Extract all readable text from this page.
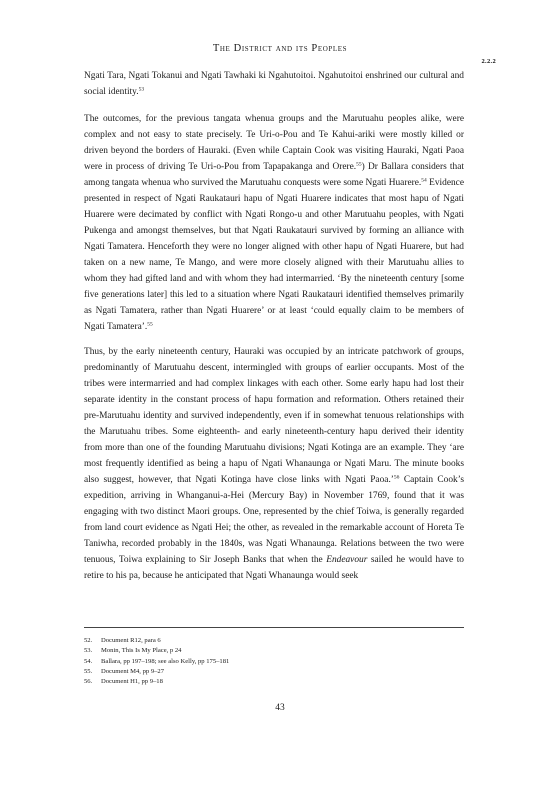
The District and its Peoples
2.2.2

Ngati Tara, Ngati Tokanui and Ngati Tawhaki ki Ngahutoitoi. Ngahutoitoi enshrined our cultural and social identity.$^{53}$

The outcomes, for the previous tangata whenua groups and the Marutuahu peoples alike, were complex and not easy to state precisely. Te Uri-o-Pou and Te Kahui-ariki were mostly killed or driven beyond the borders of Hauraki. (Even while Captain Cook was visiting Hauraki, Ngati Paoa were in process of driving Te Uri-o-Pou from Tapapakanga and Orere.$^{55}$) Dr Ballara considers that among tangata whenua who survived the Marutuahu conquests were some Ngati Huarere.$^{54}$ Evidence presented in respect of Ngati Raukatauri hapu of Ngati Huarere indicates that most hapu of Ngati Huarere were decimated by conflict with Ngati Rongo-u and other Marutuahu peoples, with Ngati Pukenga and amongst themselves, but that Ngati Raukatauri survived by forming an alliance with Ngati Tamatera. Henceforth they were no longer aligned with other hapu of Ngati Huarere, but had taken on a new name, Te Mango, and were more closely aligned with their Marutuahu allies to whom they had gifted land and with whom they had intermarried. ‘By the nineteenth century [some five generations later] this led to a situation where Ngati Raukatauri identified themselves primarily as Ngati Tamatera, rather than Ngati Huarere’ or at least ‘could equally claim to be members of Ngati Tamatera’.$^{55}$

Thus, by the early nineteenth century, Hauraki was occupied by an intricate patchwork of groups, predominantly of Marutuahu descent, intermingled with groups of earlier occupants. Most of the tribes were intermarried and had complex linkages with each other. Some early hapu had lost their separate identity in the constant process of hapu formation and reformation. Others retained their pre-Marutuahu identity and survived independently, even if in somewhat tenuous relationships with the Marutuahu tribes. Some eighteenth- and early nineteenth-century hapu derived their identity from more than one of the founding Marutuahu divisions; Ngati Kotinga are an example. They ‘are most frequently identified as being a hapu of Ngati Whanaunga or Ngati Maru. The minute books also suggest, however, that Ngati Kotinga have close links with Ngati Paoa.’$^{56}$ Captain Cook’s expedition, arriving in Whanganui-a-Hei (Mercury Bay) in November 1769, found that it was engaging with two distinct Maori groups. One, represented by the chief Toiwa, is generally regarded from land court evidence as Ngati Hei; the other, as revealed in the remarkable account of Horeta Te Taniwha, recorded probably in the 1840s, was Ngati Whanaunga. Relations between the two were tenuous, Toiwa explaining to Sir Joseph Banks that when the Endeavour sailed he would have to retire to his pa, because he anticipated that Ngati Whanaunga would seek

52. Document R12, para 6
53. Monin, This Is My Place, p 24
54. Ballara, pp 197–198; see also Kelly, pp 175–181
55. Document M4, pp 9–27
56. Document H1, pp 9–18
43
